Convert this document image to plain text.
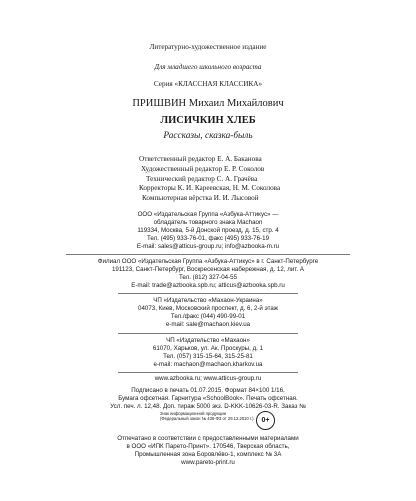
Литературно-художественное издание
Для младшего школьного возраста
Серия «КЛАССНАЯ КЛАССИКА»
ПРИШВИН Михаил Михайлович
ЛИСИЧКИН ХЛЕБ
Рассказы, сказка-быль
Ответственный редактор Е. А. Баканова
Художественный редактор Е. Р. Соколов
Технический редактор С. А. Грачёва
Корректоры К. И. Кареевская, Н. М. Соколова
Компьютерная вёрстка И. И. Лысовой
ООО «Издательская Группа «Азбука-Аттикус» —
обладатель товарного знака Machaon
119334, Москва, 5-й Донской проезд, д. 15, стр. 4
Тел. (495) 933-76-01, факс (495) 933-76-19
E-mail: sales@atticus-group.ru; info@azbooka-m.ru
Филиал ООО «Издательская Группа «Азбука-Аттикус» в г. Санкт-Петербурге
191123, Санкт-Петербург, Воскресенская набережная, д. 12, лит. А
Тел. (812) 327-04-55
E-mail: trade@azbooka.spb.ru; atticus@azbooka.spb.ru
ЧП «Издательство «Махаон-Украина»
04073, Киев, Московский проспект, д. 6, 2-й этаж
Тел./факс (044) 490-99-01
e-mail: sale@machaon.kiev.ua
ЧП «Издательство «Махаон»
61070, Харьков, ул. Ак. Проскуры, д. 1
Тел. (057) 315-15-64, 315-25-81
e-mail: machaon@machaon.kharkov.ua
www.azbooka.ru; www.atticus-group.ru
Подписано в печать 01.07.2015. Формат 84×100 1/16.
Бумага офсетная. Гарнитура «SchoolBook». Печать офсетная.
Усл. печ. л. 12,48. Доп. тираж 5000 экз. D-KKK-10626-03-R. Заказ №
Знак информационной продукции
(Федеральный закон № 436-ФЗ от 29.12.2010 г.)	0+
Отпечатано в соответствии с предоставленными материалами
в ООО «ИПК Парето-Принт». 170546, Тверская область,
Промышленная зона Боровлёво-1, комплекс № 3А
www.pareto-print.ru
